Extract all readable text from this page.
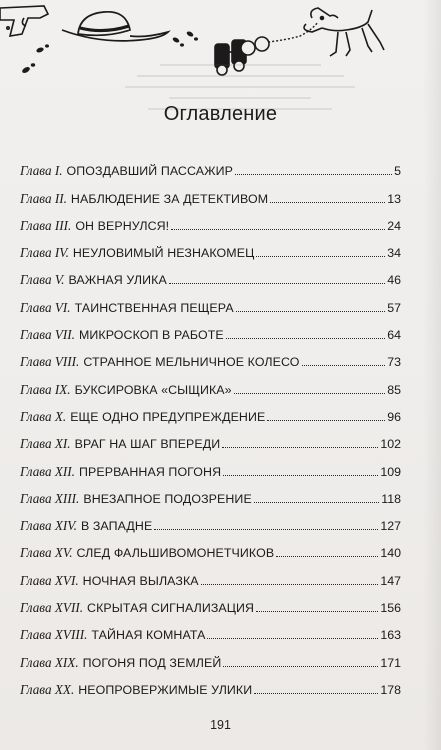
Оглавление
Глава I. ОПОЗДАВШИЙ ПАССАЖИР	5
Глава II. НАБЛЮДЕНИЕ ЗА ДЕТЕКТИВОМ	13
Глава III. ОН ВЕРНУЛСЯ!	24
Глава IV. НЕУЛОВИМЫЙ НЕЗНАКОМЕЦ	34
Глава V. ВАЖНАЯ УЛИКА	46
Глава VI. ТАИНСТВЕННАЯ ПЕЩЕРА	57
Глава VII. МИКРОСКОП В РАБОТЕ	64
Глава VIII. СТРАННОЕ МЕЛЬНИЧНОЕ КОЛЕСО	73
Глава IX. БУКСИРОВКА «СЫЩИКА»	85
Глава X. ЕЩЕ ОДНО ПРЕДУПРЕЖДЕНИЕ	96
Глава XI. ВРАГ НА ШАГ ВПЕРЕДИ	102
Глава XII. ПРЕРВАННАЯ ПОГОНЯ	109
Глава XIII. ВНЕЗАПНОЕ ПОДОЗРЕНИЕ	118
Глава XIV. В ЗАПАДНЕ	127
Глава XV. СЛЕД ФАЛЬШИВОМОНЕТЧИКОВ	140
Глава XVI. НОЧНАЯ ВЫЛАЗКА	147
Глава XVII. СКРЫТАЯ СИГНАЛИЗАЦИЯ	156
Глава XVIII. ТАЙНАЯ КОМНАТА	163
Глава XIX. ПОГОНЯ ПОД ЗЕМЛЕЙ	171
Глава XX. НЕОПРОВЕРЖИМЫЕ УЛИКИ	178
191
